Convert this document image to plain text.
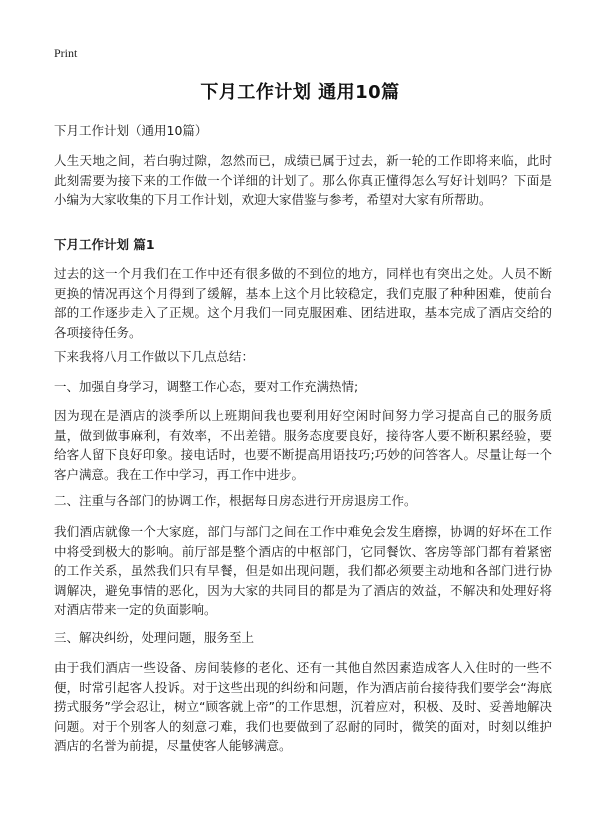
Print
下月工作计划 通用10篇

下月工作计划（通用10篇）

人生天地之间，若白驹过隙，忽然而已，成绩已属于过去，新一轮的工作即将来临，此时此刻需要为接下来的工作做一个详细的计划了。那么你真正懂得怎么写好计划吗？下面是小编为大家收集的下月工作计划，欢迎大家借鉴与参考，希望对大家有所帮助。

下月工作计划 篇1

过去的这一个月我们在工作中还有很多做的不到位的地方，同样也有突出之处。人员不断更换的情况再这个月得到了缓解，基本上这个月比较稳定，我们克服了种种困难，使前台部的工作逐步走入了正规。这个月我们一同克服困难、团结进取，基本完成了酒店交给的各项接待任务。

下来我将八月工作做以下几点总结：

一、加强自身学习，调整工作心态，要对工作充满热情;

因为现在是酒店的淡季所以上班期间我也要利用好空闲时间努力学习提高自己的服务质量，做到做事麻利，有效率，不出差错。服务态度要良好，接待客人要不断积累经验，要给客人留下良好印象。接电话时，也要不断提高用语技巧;巧妙的问答客人。尽量让每一个客户满意。我在工作中学习，再工作中进步。

二、注重与各部门的协调工作，根据每日房态进行开房退房工作。

我们酒店就像一个大家庭，部门与部门之间在工作中难免会发生磨擦，协调的好坏在工作中将受到极大的影响。前厅部是整个酒店的中枢部门，它同餐饮、客房等部门都有着紧密的工作关系，虽然我们只有早餐，但是如出现问题，我们都必须要主动地和各部门进行协调解决，避免事情的恶化，因为大家的共同目的都是为了酒店的效益，不解决和处理好将对酒店带来一定的负面影响。

三、解决纠纷，处理问题，服务至上

由于我们酒店一些设备、房间装修的老化、还有一其他自然因素造成客人入住时的一些不便，时常引起客人投诉。对于这些出现的纠纷和问题，作为酒店前台接待我们要学会“海底捞式服务”学会忍让，树立“顾客就上帝”的工作思想，沉着应对，积极、及时、妥善地解决问题。对于个别客人的刻意刁难，我们也要做到了忍耐的同时，微笑的面对，时刻以维护酒店的名誉为前提，尽量使客人能够满意。
